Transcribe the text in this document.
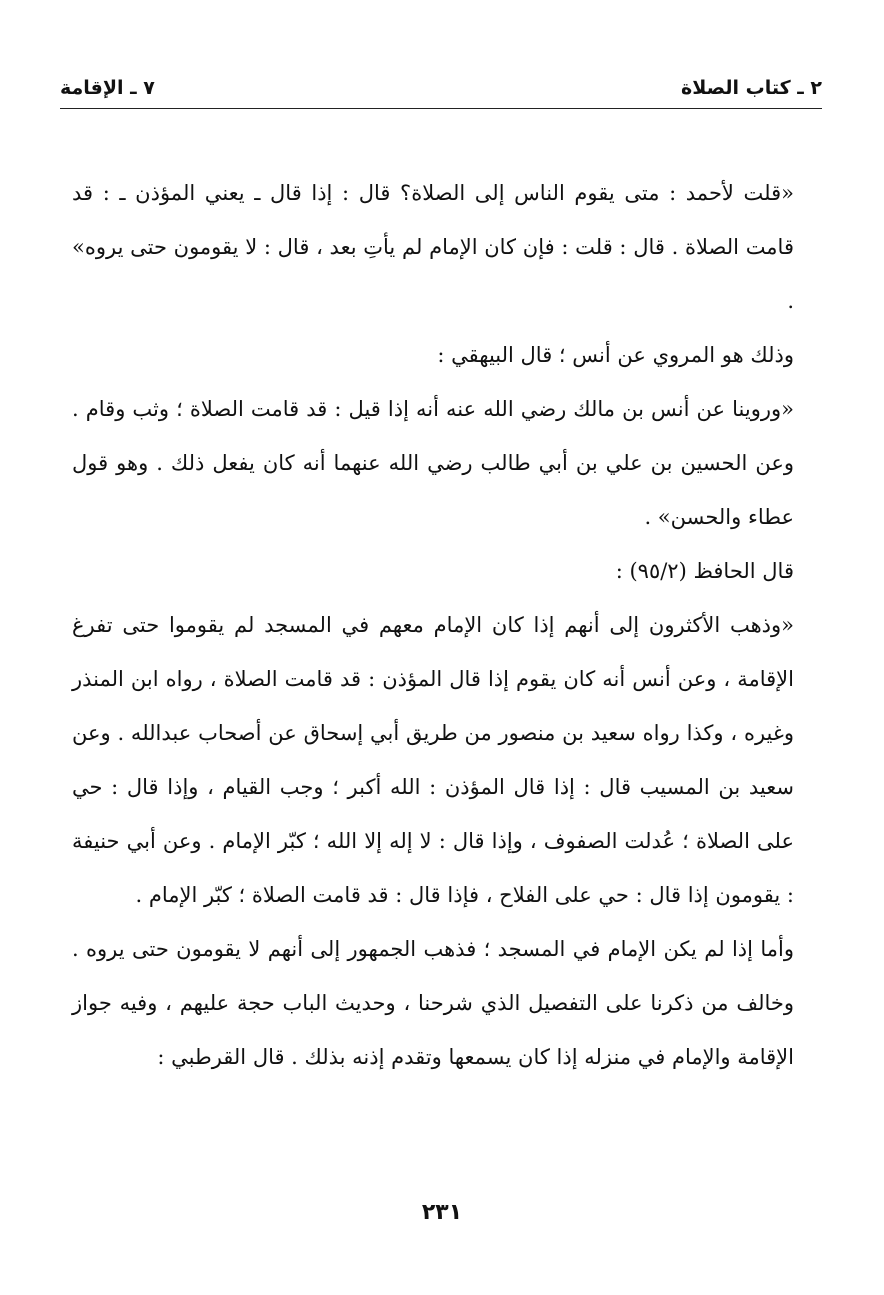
٢ ـ كتاب الصلاة
٧ ـ الإقامة

«قلت لأحمد : متى يقوم الناس إلى الصلاة؟ قال : إذا قال ـ يعني المؤذن ـ : قد قامت الصلاة . قال : قلت : فإن كان الإمام لم يأتِ بعد ، قال : لا يقومون حتى يروه» .

وذلك هو المروي عن أنس ؛ قال البيهقي :

«وروينا عن أنس بن مالك رضي الله عنه أنه إذا قيل : قد قامت الصلاة ؛ وثب وقام . وعن الحسين بن علي بن أبي طالب رضي الله عنهما أنه كان يفعل ذلك . وهو قول عطاء والحسن» .

قال الحافظ (٩٥/٢) :

«وذهب الأكثرون إلى أنهم إذا كان الإمام معهم في المسجد لم يقوموا حتى تفرغ الإقامة ، وعن أنس أنه كان يقوم إذا قال المؤذن : قد قامت الصلاة ، رواه ابن المنذر وغيره ، وكذا رواه سعيد بن منصور من طريق أبي إسحاق عن أصحاب عبدالله . وعن سعيد بن المسيب قال : إذا قال المؤذن : الله أكبر ؛ وجب القيام ، وإذا قال : حي على الصلاة ؛ عُدلت الصفوف ، وإذا قال : لا إله إلا الله ؛ كبّر الإمام . وعن أبي حنيفة : يقومون إذا قال : حي على الفلاح ، فإذا قال : قد قامت الصلاة ؛ كبّر الإمام .

وأما إذا لم يكن الإمام في المسجد ؛ فذهب الجمهور إلى أنهم لا يقومون حتى يروه . وخالف من ذكرنا على التفصيل الذي شرحنا ، وحديث الباب حجة عليهم ، وفيه جواز الإقامة والإمام في منزله إذا كان يسمعها وتقدم إذنه بذلك . قال القرطبي :

٢٣١
